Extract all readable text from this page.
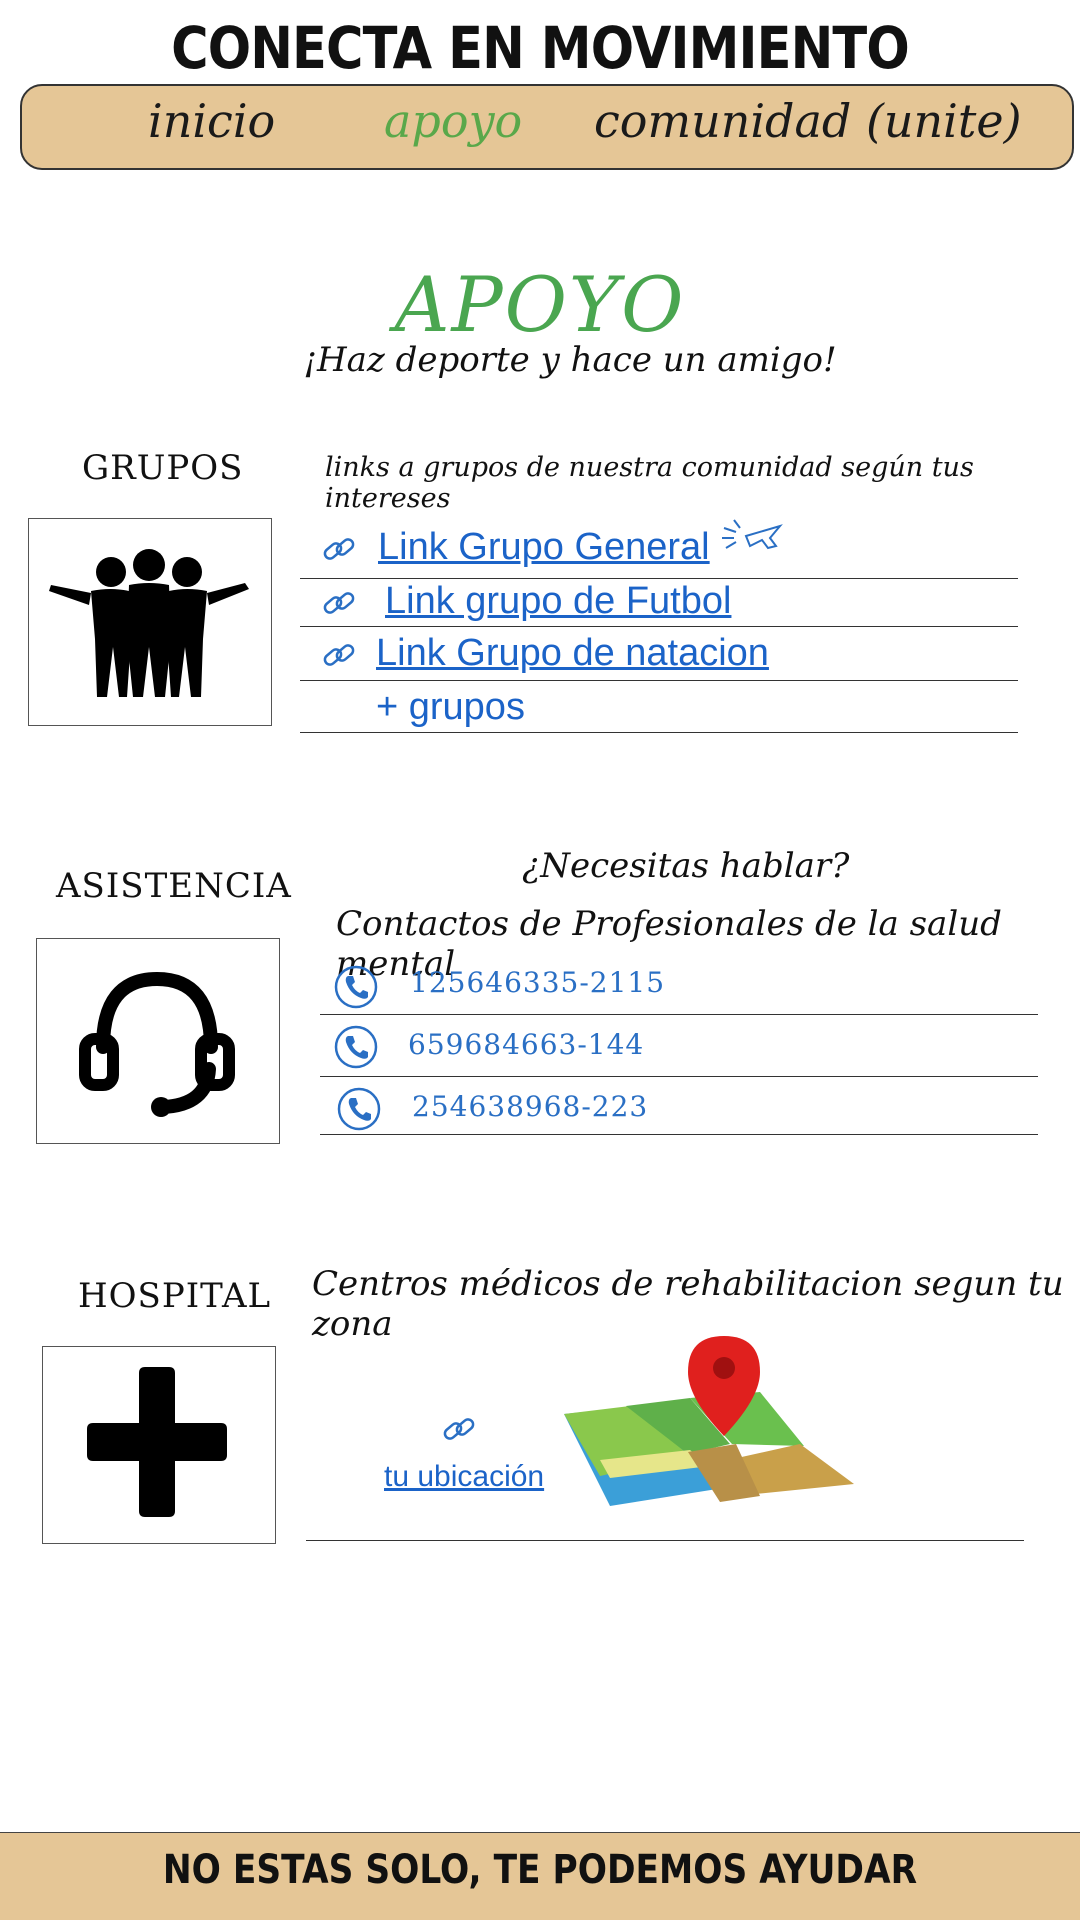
CONECTA EN MOVIMIENTO
inicio apoyo comunidad (unite)
APOYO
¡Haz deporte y hace un amigo!
GRUPOS	links a grupos de nuestra comunidad según tus intereses
Link Grupo General
Link grupo de Futbol
Link Grupo de natacion
+ grupos
ASISTENCIA	¿Necesitas hablar?
Contactos de Profesionales de la salud mental
125646335-2115
659684663-144
254638968-223
HOSPITAL Centros médicos de rehabilitacion segun tu zona
tu ubicación
NO ESTAS SOLO, TE PODEMOS AYUDAR
